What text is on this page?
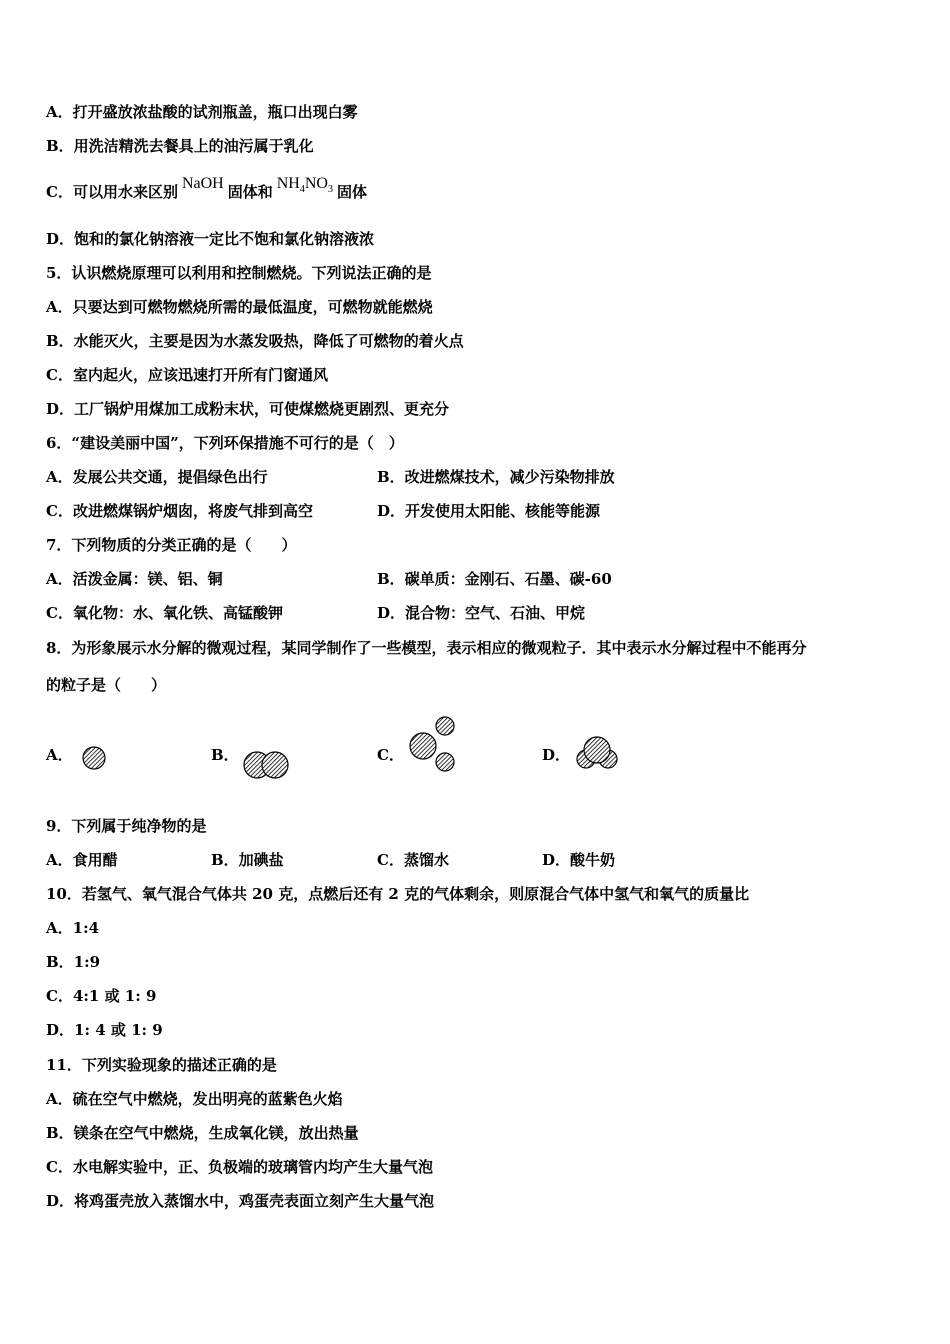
A．打开盛放浓盐酸的试剂瓶盖，瓶口出现白雾
B．用洗洁精洗去餐具上的油污属于乳化
C．可以用水来区别 NaOH 固体和 $NH_4NO_3$ 固体
D．饱和的氯化钠溶液一定比不饱和氯化钠溶液浓
5．认识燃烧原理可以利用和控制燃烧。下列说法正确的是
A．只要达到可燃物燃烧所需的最低温度，可燃物就能燃烧
B．水能灭火，主要是因为水蒸发吸热，降低了可燃物的着火点
C．室内起火，应该迅速打开所有门窗通风
D．工厂锅炉用煤加工成粉末状，可使煤燃烧更剧烈、更充分
6．“建设美丽中国”，下列环保措施不可行的是（　）
A．发展公共交通，提倡绿色出行	B．改进燃煤技术，减少污染物排放
C．改进燃煤锅炉烟囱，将废气排到高空	D．开发使用太阳能、核能等能源
7．下列物质的分类正确的是（　　）
A．活泼金属：镁、铝、铜	B．碳单质：金刚石、石墨、碳-60
C．氧化物：水、氧化铁、高锰酸钾	D．混合物：空气、石油、甲烷
8．为形象展示水分解的微观过程，某同学制作了一些模型，表示相应的微观粒子．其中表示水分解过程中不能再分
的粒子是（　　）
A．	B．	C．	D．
9．下列属于纯净物的是
A．食用醋	B．加碘盐	C．蒸馏水	D．酸牛奶
10．若氢气、氧气混合气体共 20 克，点燃后还有 2 克的气体剩余，则原混合气体中氢气和氧气的质量比
A．1:4
B．1:9
C．4:1 或 1: 9
D．1: 4 或 1: 9
11．下列实验现象的描述正确的是
A．硫在空气中燃烧，发出明亮的蓝紫色火焰
B．镁条在空气中燃烧，生成氧化镁，放出热量
C．水电解实验中，正、负极端的玻璃管内均产生大量气泡
D．将鸡蛋壳放入蒸馏水中，鸡蛋壳表面立刻产生大量气泡
